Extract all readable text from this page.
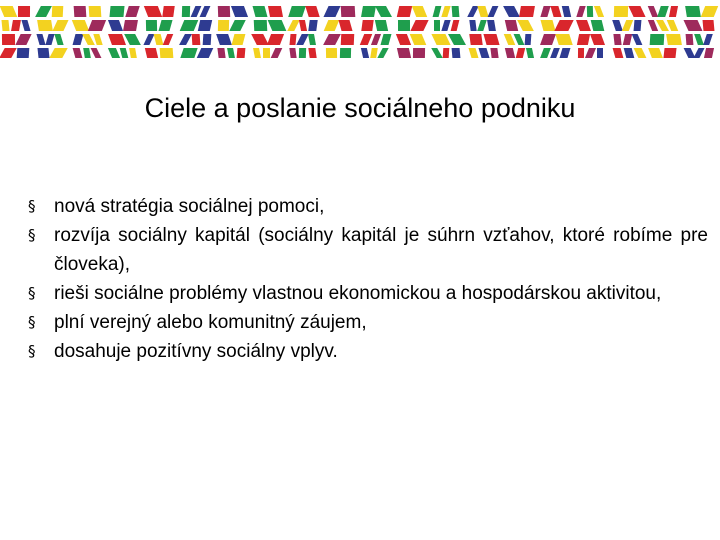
Ciele a poslanie sociálneho podniku
§ nová stratégia sociálnej pomoci,
§ rozvíja sociálny kapitál (sociálny kapitál je súhrn vzťahov, ktoré robíme pre človeka),
§ rieši sociálne problémy vlastnou ekonomickou a hospodárskou aktivitou,
§ plní verejný alebo komunitný záujem,
§ dosahuje pozitívny sociálny vplyv.
